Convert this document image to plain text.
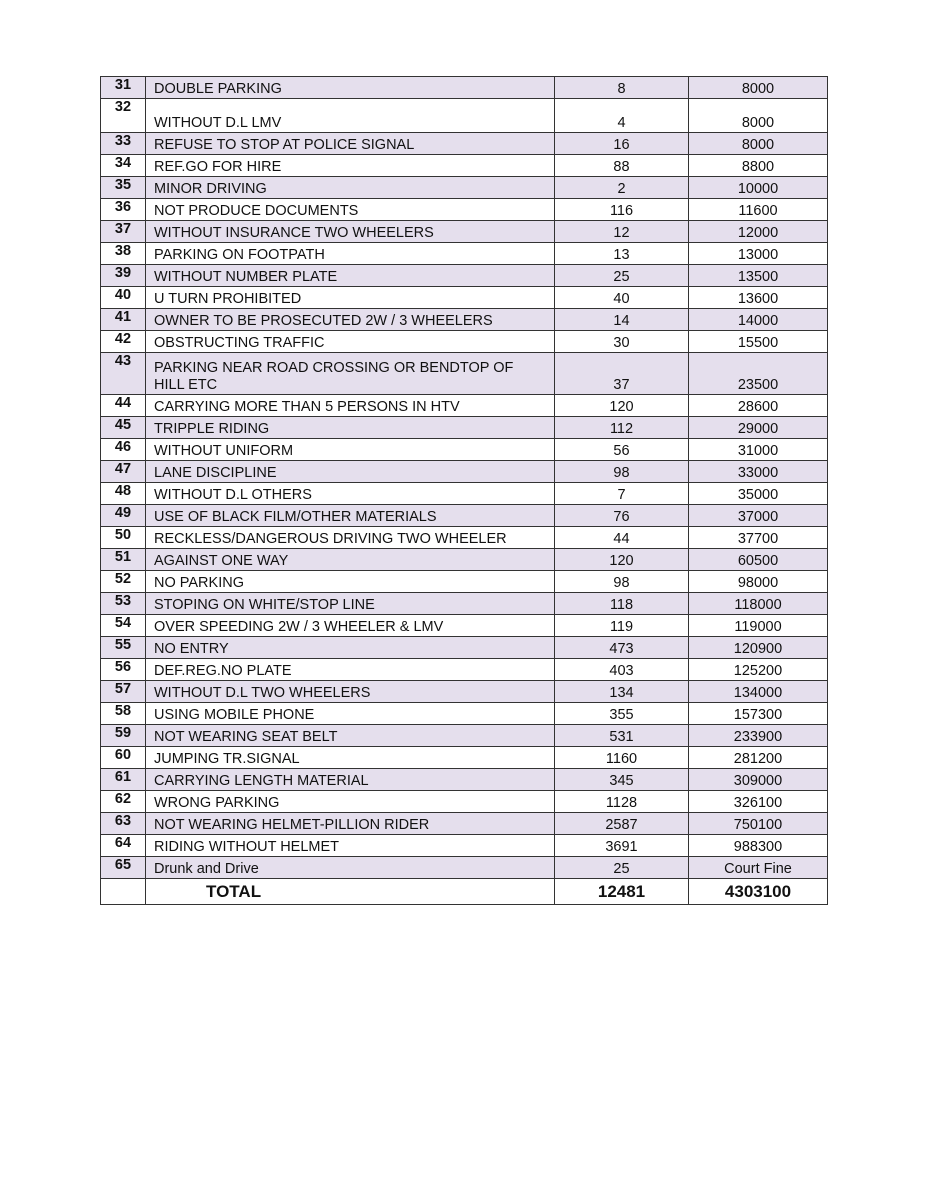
31	DOUBLE PARKING	8	8000
32	WITHOUT D.L LMV	4	8000
33	REFUSE TO STOP AT POLICE SIGNAL	16	8000
34	REF.GO FOR HIRE	88	8800
35	MINOR DRIVING	2	10000
36	NOT PRODUCE DOCUMENTS	116	11600
37	WITHOUT INSURANCE TWO WHEELERS	12	12000
38	PARKING ON FOOTPATH	13	13000
39	WITHOUT NUMBER PLATE	25	13500
40	U TURN PROHIBITED	40	13600
41	OWNER TO BE PROSECUTED 2W / 3 WHEELERS	14	14000
42	OBSTRUCTING TRAFFIC	30	15500
43	PARKING NEAR ROAD CROSSING OR BENDTOP OF HILL ETC	37	23500
44	CARRYING MORE THAN 5 PERSONS IN HTV	120	28600
45	TRIPPLE RIDING	112	29000
46	WITHOUT UNIFORM	56	31000
47	LANE DISCIPLINE	98	33000
48	WITHOUT D.L OTHERS	7	35000
49	USE OF BLACK FILM/OTHER MATERIALS	76	37000
50	RECKLESS/DANGEROUS DRIVING TWO WHEELER	44	37700
51	AGAINST ONE WAY	120	60500
52	NO PARKING	98	98000
53	STOPING ON WHITE/STOP LINE	118	118000
54	OVER SPEEDING 2W / 3 WHEELER & LMV	119	119000
55	NO ENTRY	473	120900
56	DEF.REG.NO PLATE	403	125200
57	WITHOUT D.L TWO WHEELERS	134	134000
58	USING MOBILE PHONE	355	157300
59	NOT WEARING SEAT BELT	531	233900
60	JUMPING TR.SIGNAL	1160	281200
61	CARRYING LENGTH MATERIAL	345	309000
62	WRONG PARKING	1128	326100
63	NOT WEARING HELMET-PILLION RIDER	2587	750100
64	RIDING WITHOUT HELMET	3691	988300
65	Drunk and Drive	25	Court Fine
	TOTAL	12481	4303100
